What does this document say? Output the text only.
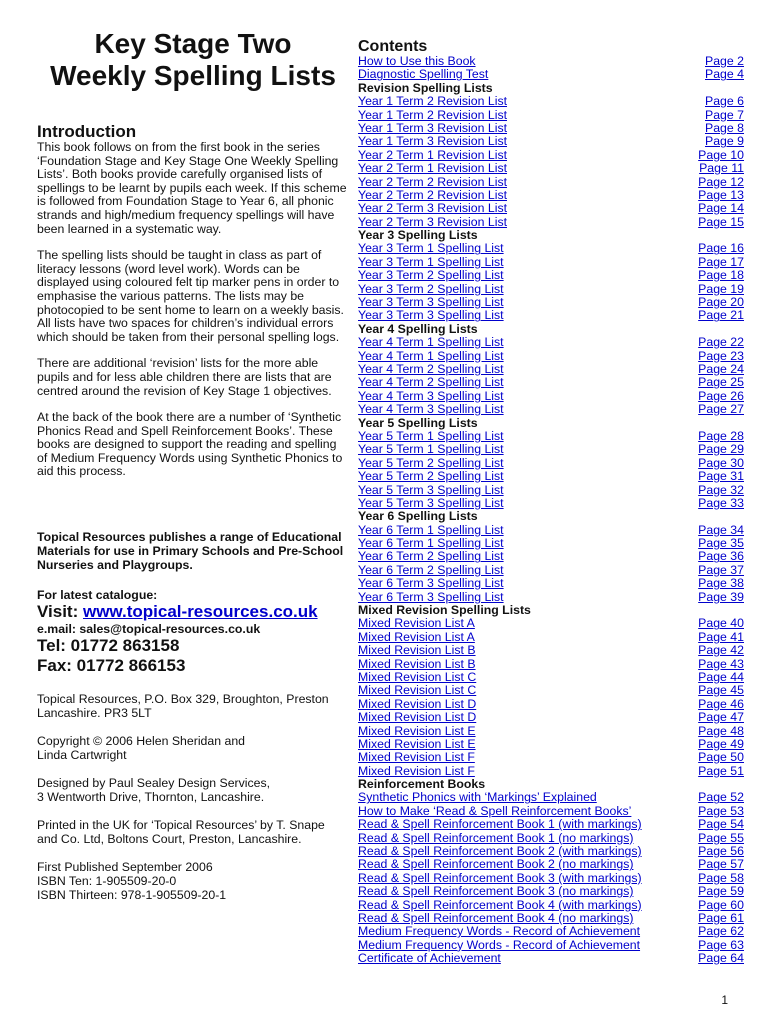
Key Stage Two
Weekly Spelling Lists
Introduction

This book follows on from the first book in the series ‘Foundation Stage and Key Stage One Weekly Spelling Lists’. Both books provide carefully organised lists of spellings to be learnt by pupils each week. If this scheme is followed from Foundation Stage to Year 6, all phonic strands and high/medium frequency spellings will have been learned in a systematic way.

The spelling lists should be taught in class as part of literacy lessons (word level work). Words can be displayed using coloured felt tip marker pens in order to emphasise the various patterns. The lists may be photocopied to be sent home to learn on a weekly basis. All lists have two spaces for children’s individual errors which should be taken from their personal spelling logs.

There are additional ‘revision’ lists for the more able pupils and for less able children there are lists that are centred around the revision of Key Stage 1 objectives.

At the back of the book there are a number of ‘Synthetic Phonics Read and Spell Reinforcement Books’. These books are designed to support the reading and spelling of Medium Frequency Words using Synthetic Phonics to aid this process.

Topical Resources publishes a range of Educational Materials for use in Primary Schools and Pre-School Nurseries and Playgroups.

For latest catalogue:

Visit: www.topical-resources.co.uk

e.mail: sales@topical-resources.co.uk

Tel: 01772 863158

Fax: 01772 866153

Topical Resources, P.O. Box 329, Broughton, Preston
Lancashire. PR3 5LT

Copyright © 2006 Helen Sheridan and
Linda Cartwright

Designed by Paul Sealey Design Services,
3 Wentworth Drive, Thornton, Lancashire.

Printed in the UK for ‘Topical Resources’ by T. Snape
and Co. Ltd, Boltons Court, Preston, Lancashire.

First Published September 2006
ISBN Ten: 1-905509-20-0
ISBN Thirteen: 978-1-905509-20-1

Contents
How to Use this Book	Page 2
Diagnostic Spelling Test	Page 4
Revision Spelling Lists
Year 1 Term 2 Revision List	Page 6
Year 1 Term 2 Revision List	Page 7
Year 1 Term 3 Revision List	Page 8
Year 1 Term 3 Revision List	Page 9
Year 2 Term 1 Revision List	Page 10
Year 2 Term 1 Revision List	Page 11
Year 2 Term 2 Revision List	Page 12
Year 2 Term 2 Revision List	Page 13
Year 2 Term 3 Revision List	Page 14
Year 2 Term 3 Revision List	Page 15
Year 3 Spelling Lists
Year 3 Term 1 Spelling List	Page 16
Year 3 Term 1 Spelling List	Page 17
Year 3 Term 2 Spelling List	Page 18
Year 3 Term 2 Spelling List	Page 19
Year 3 Term 3 Spelling List	Page 20
Year 3 Term 3 Spelling List	Page 21
Year 4 Spelling Lists
Year 4 Term 1 Spelling List	Page 22
Year 4 Term 1 Spelling List	Page 23
Year 4 Term 2 Spelling List	Page 24
Year 4 Term 2 Spelling List	Page 25
Year 4 Term 3 Spelling List	Page 26
Year 4 Term 3 Spelling List	Page 27
Year 5 Spelling Lists
Year 5 Term 1 Spelling List	Page 28
Year 5 Term 1 Spelling List	Page 29
Year 5 Term 2 Spelling List	Page 30
Year 5 Term 2 Spelling List	Page 31
Year 5 Term 3 Spelling List	Page 32
Year 5 Term 3 Spelling List	Page 33
Year 6 Spelling Lists
Year 6 Term 1 Spelling List	Page 34
Year 6 Term 1 Spelling List	Page 35
Year 6 Term 2 Spelling List	Page 36
Year 6 Term 2 Spelling List	Page 37
Year 6 Term 3 Spelling List	Page 38
Year 6 Term 3 Spelling List	Page 39
Mixed Revision Spelling Lists
Mixed Revision List A	Page 40
Mixed Revision List A	Page 41
Mixed Revision List B	Page 42
Mixed Revision List B	Page 43
Mixed Revision List C	Page 44
Mixed Revision List C	Page 45
Mixed Revision List D	Page 46
Mixed Revision List D	Page 47
Mixed Revision List E	Page 48
Mixed Revision List E	Page 49
Mixed Revision List F	Page 50
Mixed Revision List F	Page 51
Reinforcement Books
Synthetic Phonics with ‘Markings’ Explained	Page 52
How to Make ‘Read & Spell Reinforcement Books’	Page 53
Read & Spell Reinforcement Book 1 (with markings)	Page 54
Read & Spell Reinforcement Book 1 (no markings)	Page 55
Read & Spell Reinforcement Book 2 (with markings)	Page 56
Read & Spell Reinforcement Book 2 (no markings)	Page 57
Read & Spell Reinforcement Book 3 (with markings)	Page 58
Read & Spell Reinforcement Book 3 (no markings)	Page 59
Read & Spell Reinforcement Book 4 (with markings)	Page 60
Read & Spell Reinforcement Book 4 (no markings)	Page 61
Medium Frequency Words - Record of Achievement	Page 62
Medium Frequency Words - Record of Achievement	Page 63
Certificate of Achievement	Page 64
1
